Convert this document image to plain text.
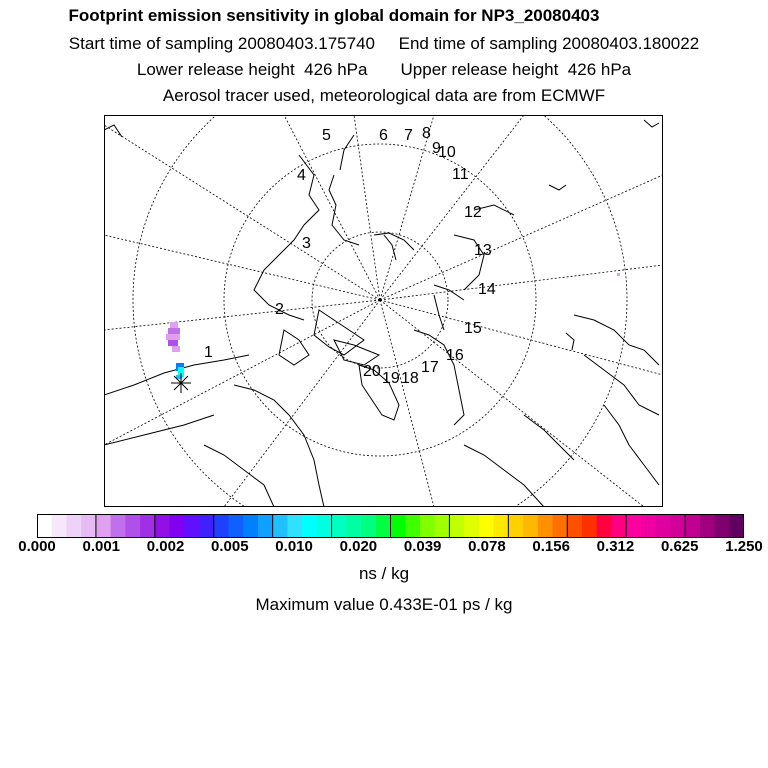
Footprint emission sensitivity in global domain for NP3_20080403
Start time of sampling 20080403.175740     End time of sampling 20080403.180022
Lower release height  426 hPa       Upper release height  426 hPa
Aerosol tracer used, meteorological data are from ECMWF
1
2
3
4
5	6 7 8
9
10
11
12
13
14
15
16
17
18
19
20
0.000 0.001 0.002 0.005 0.010 0.020 0.039 0.078 0.156 0.312 0.625 1.250
ns / kg
Maximum value 0.433E-01 ps / kg
